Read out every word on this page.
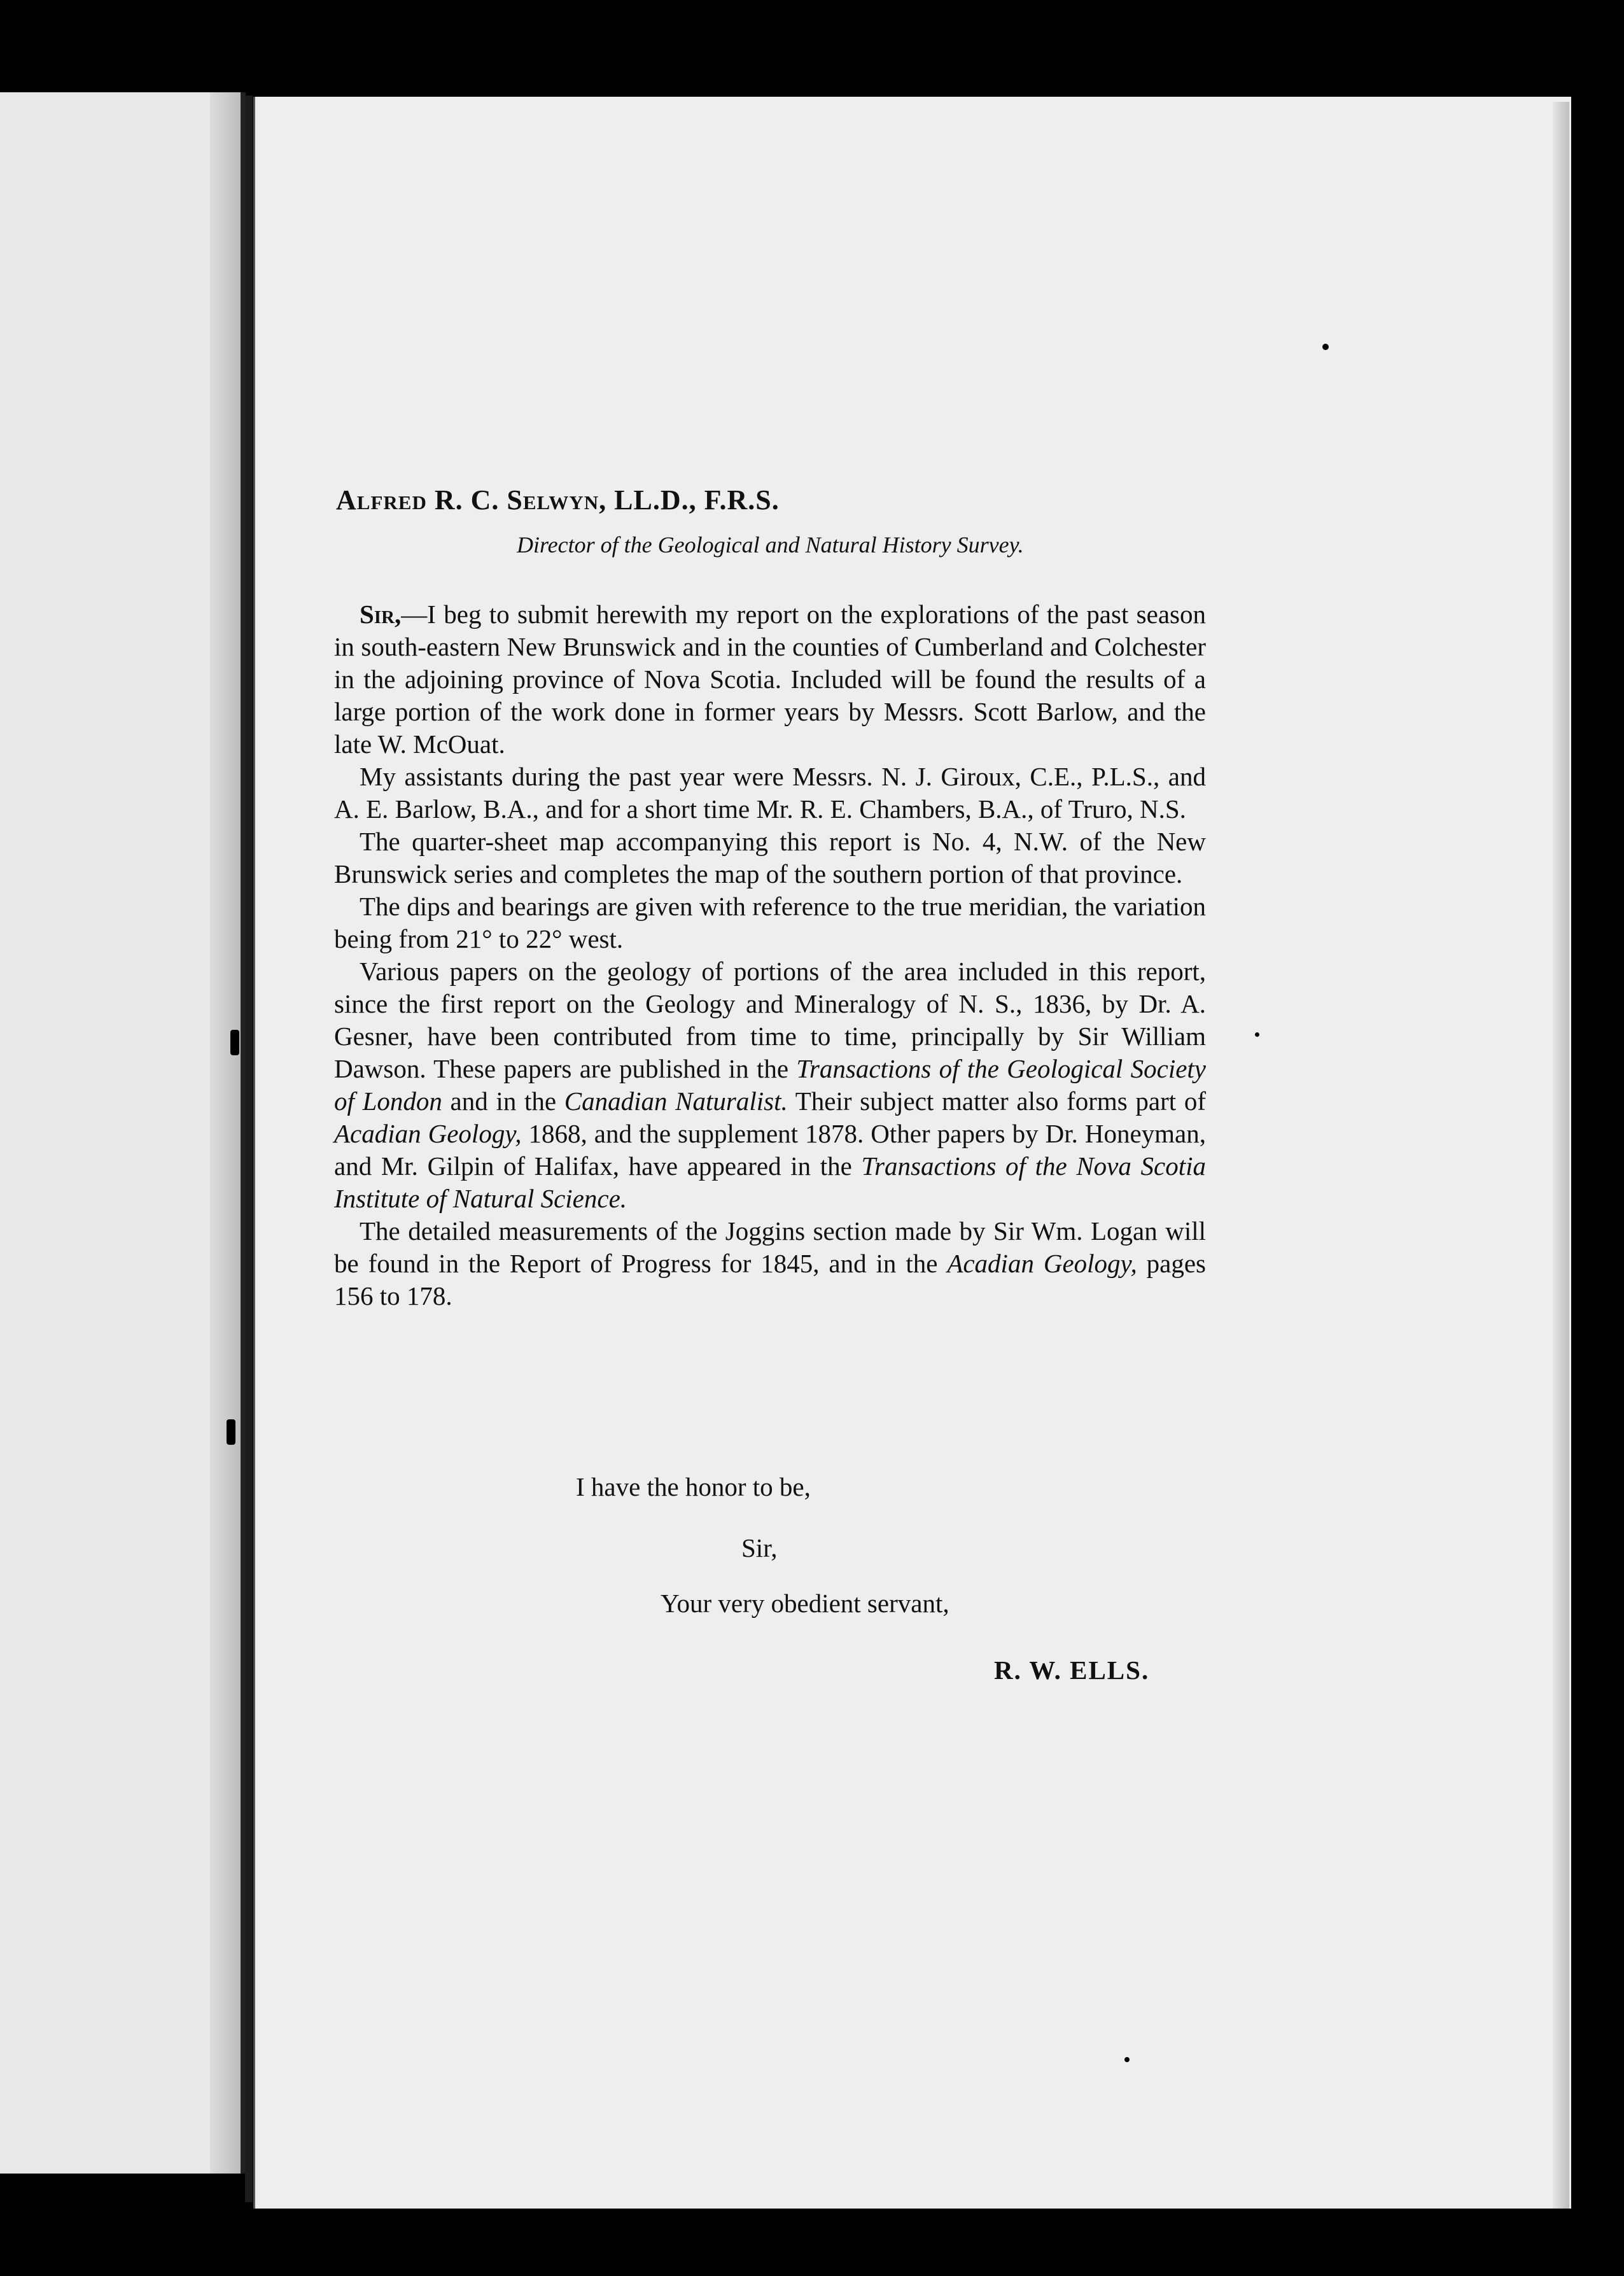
Alfred R. C. Selwyn, LL.D., F.R.S.
Director of the Geological and Natural History Survey.

Sir,—I beg to submit herewith my report on the explorations of the past season in south-eastern New Brunswick and in the counties of Cumberland and Colchester in the adjoining province of Nova Scotia. Included will be found the results of a large portion of the work done in former years by Messrs. Scott Barlow, and the late W. McOuat.

My assistants during the past year were Messrs. N. J. Giroux, C.E., P.L.S., and A. E. Barlow, B.A., and for a short time Mr. R. E. Chambers, B.A., of Truro, N.S.

The quarter-sheet map accompanying this report is No. 4, N.W. of the New Brunswick series and completes the map of the southern portion of that province.

The dips and bearings are given with reference to the true meridian, the variation being from 21° to 22° west.

Various papers on the geology of portions of the area included in this report, since the first report on the Geology and Mineralogy of N. S., 1836, by Dr. A. Gesner, have been contributed from time to time, principally by Sir William Dawson. These papers are published in the Transactions of the Geological Society of London and in the Canadian Naturalist. Their subject matter also forms part of Acadian Geology, 1868, and the supplement 1878. Other papers by Dr. Honeyman, and Mr. Gilpin of Halifax, have appeared in the Transactions of the Nova Scotia Institute of Natural Science.

The detailed measurements of the Joggins section made by Sir Wm. Logan will be found in the Report of Progress for 1845, and in the Acadian Geology, pages 156 to 178.

I have the honor to be,
Sir,
Your very obedient servant,
R. W. ELLS.
